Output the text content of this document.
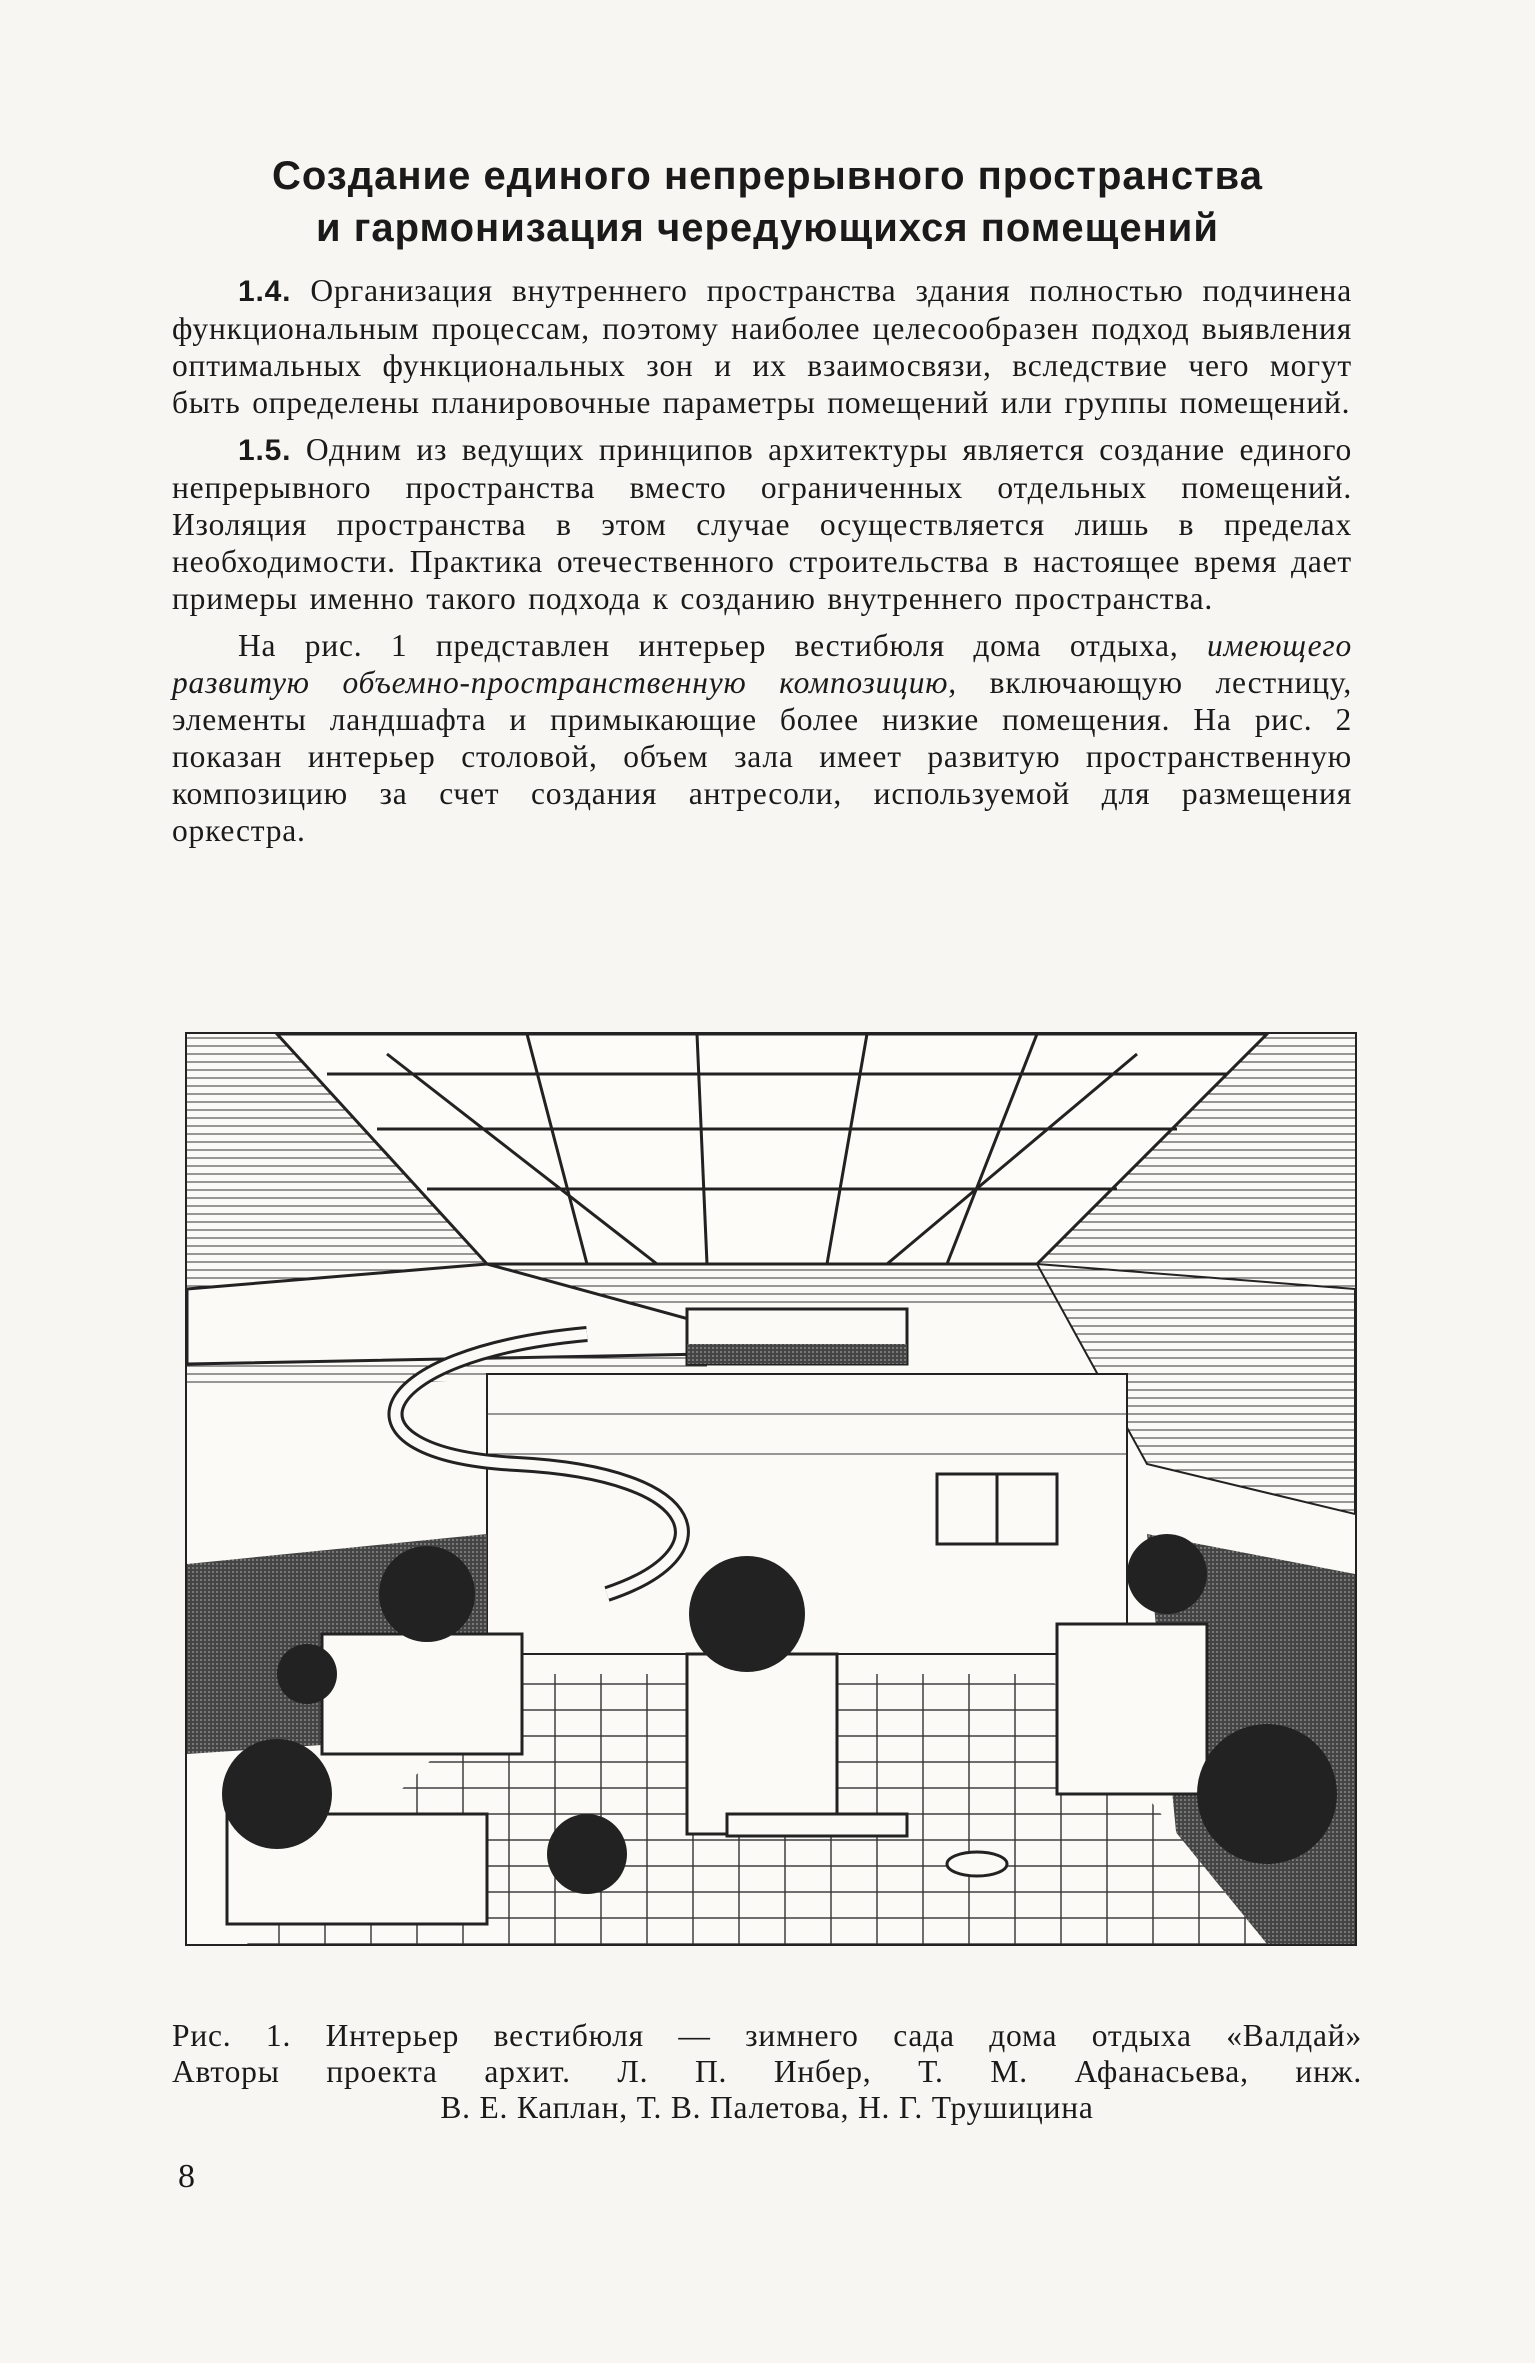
Создание единого непрерывного пространства
и гармонизация чередующихся помещений

1.4. Организация внутреннего пространства здания полностью подчинена функциональным процессам, поэтому наиболее целесообразен подход выявления оптимальных функциональных зон и их взаимосвязи, вследствие чего могут быть определены планировочные параметры помещений или группы помещений.

1.5. Одним из ведущих принципов архитектуры является создание единого непрерывного пространства вместо ограниченных отдельных помещений. Изоляция пространства в этом случае осуществляется лишь в пределах необходимости. Практика отечественного строительства в настоящее время дает примеры именно такого подхода к созданию внутреннего пространства.

На рис. 1 представлен интерьер вестибюля дома отдыха, имеющего развитую объемно-пространственную композицию, включающую лестницу, элементы ландшафта и примыкающие более низкие помещения. На рис. 2 показан интерьер столовой, объем зала имеет развитую пространственную композицию за счет создания антресоли, используемой для размещения оркестра.

Рис. 1. Интерьер вестибюля — зимнего сада дома отдыха «Валдай»
Авторы проекта архит. Л. П. Инбер, Т. М. Афанасьева, инж.
В. Е. Каплан, Т. В. Палетова, Н. Г. Трушицина
8
